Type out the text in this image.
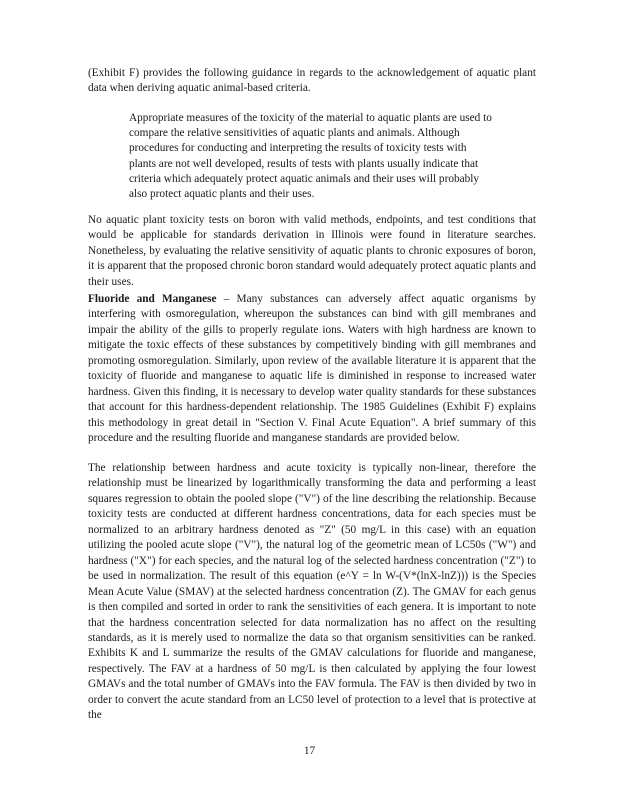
(Exhibit F) provides the following guidance in regards to the acknowledgement of aquatic plant data when deriving aquatic animal-based criteria.

Appropriate measures of the toxicity of the material to aquatic plants are used to compare the relative sensitivities of aquatic plants and animals. Although procedures for conducting and interpreting the results of toxicity tests with plants are not well developed, results of tests with plants usually indicate that criteria which adequately protect aquatic animals and their uses will probably also protect aquatic plants and their uses.

No aquatic plant toxicity tests on boron with valid methods, endpoints, and test conditions that would be applicable for standards derivation in Illinois were found in literature searches. Nonetheless, by evaluating the relative sensitivity of aquatic plants to chronic exposures of boron, it is apparent that the proposed chronic boron standard would adequately protect aquatic plants and their uses.

Fluoride and Manganese – Many substances can adversely affect aquatic organisms by interfering with osmoregulation, whereupon the substances can bind with gill membranes and impair the ability of the gills to properly regulate ions. Waters with high hardness are known to mitigate the toxic effects of these substances by competitively binding with gill membranes and promoting osmoregulation. Similarly, upon review of the available literature it is apparent that the toxicity of fluoride and manganese to aquatic life is diminished in response to increased water hardness. Given this finding, it is necessary to develop water quality standards for these substances that account for this hardness-dependent relationship. The 1985 Guidelines (Exhibit F) explains this methodology in great detail in "Section V. Final Acute Equation". A brief summary of this procedure and the resulting fluoride and manganese standards are provided below.

The relationship between hardness and acute toxicity is typically non-linear, therefore the relationship must be linearized by logarithmically transforming the data and performing a least squares regression to obtain the pooled slope ("V") of the line describing the relationship. Because toxicity tests are conducted at different hardness concentrations, data for each species must be normalized to an arbitrary hardness denoted as "Z" (50 mg/L in this case) with an equation utilizing the pooled acute slope ("V"), the natural log of the geometric mean of LC50s ("W") and hardness ("X") for each species, and the natural log of the selected hardness concentration ("Z") to be used in normalization. The result of this equation (e^Y = ln W-(V*(lnX-lnZ))) is the Species Mean Acute Value (SMAV) at the selected hardness concentration (Z). The GMAV for each genus is then compiled and sorted in order to rank the sensitivities of each genera. It is important to note that the hardness concentration selected for data normalization has no affect on the resulting standards, as it is merely used to normalize the data so that organism sensitivities can be ranked. Exhibits K and L summarize the results of the GMAV calculations for fluoride and manganese, respectively. The FAV at a hardness of 50 mg/L is then calculated by applying the four lowest GMAVs and the total number of GMAVs into the FAV formula. The FAV is then divided by two in order to convert the acute standard from an LC50 level of protection to a level that is protective at the

17
